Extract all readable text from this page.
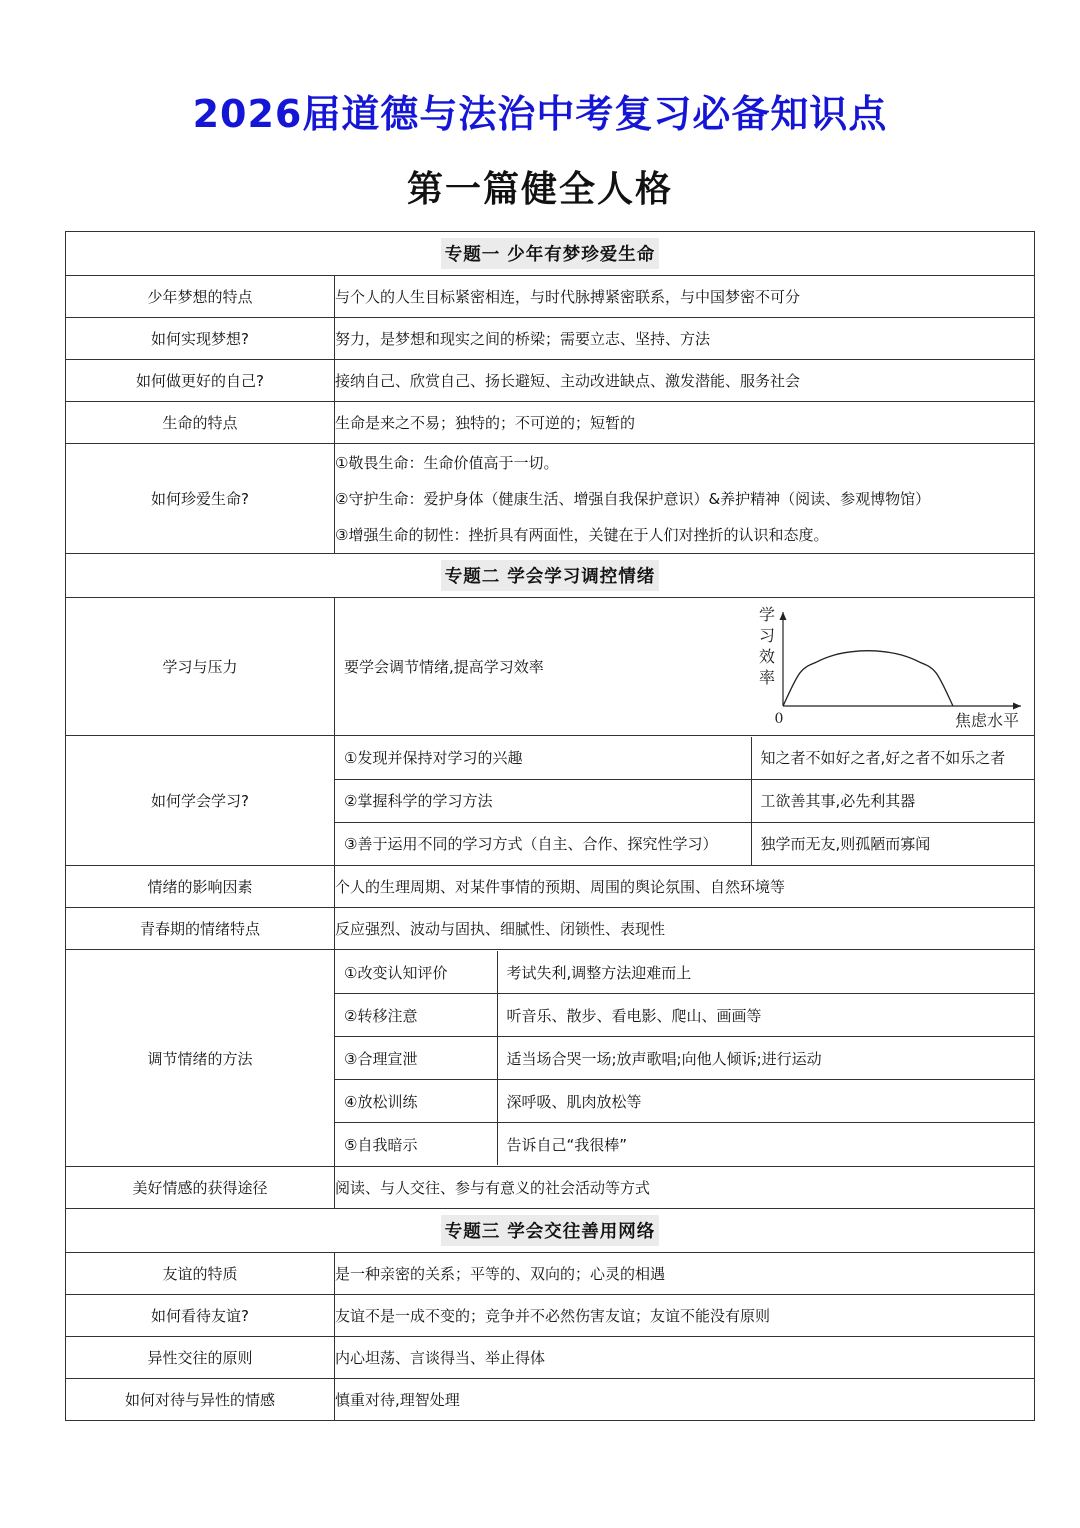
2026届道德与法治中考复习必备知识点
第一篇健全人格
专题一 少年有梦珍爱生命
少年梦想的特点	与个人的人生目标紧密相连，与时代脉搏紧密联系，与中国梦密不可分
如何实现梦想?	努力，是梦想和现实之间的桥梁；需要立志、坚持、方法
如何做更好的自己?	接纳自己、欣赏自己、扬长避短、主动改进缺点、激发潜能、服务社会
生命的特点	生命是来之不易；独特的；不可逆的；短暂的
如何珍爱生命?	
①敬畏生命：生命价值高于一切。
②守护生命：爱护身体（健康生活、增强自我保护意识）&养护精神（阅读、参观博物馆）
③增强生命的韧性：挫折具有两面性，关键在于人们对挫折的认识和态度。

专题二 学会学习调控情绪
学习与压力		要学会调节情绪,提高学习效率	
学
习
效
率
0	焦虑水平

如何学会学习?	
①发现并保持对学习的兴趣	知之者不如好之者,好之者不如乐之者
②掌握科学的学习方法	工欲善其事,必先利其器
③善于运用不同的学习方式（自主、合作、探究性学习）	独学而无友,则孤陋而寡闻

情绪的影响因素	个人的生理周期、对某件事情的预期、周围的舆论氛围、自然环境等
青春期的情绪特点	反应强烈、波动与固执、细腻性、闭锁性、表现性
调节情绪的方法	
①改变认知评价	考试失利,调整方法迎难而上
②转移注意	听音乐、散步、看电影、爬山、画画等
③合理宣泄	适当场合哭一场;放声歌唱;向他人倾诉;进行运动
④放松训练	深呼吸、肌肉放松等
⑤自我暗示	告诉自己“我很棒”

美好情感的获得途径	阅读、与人交往、参与有意义的社会活动等方式
专题三 学会交往善用网络
友谊的特质	是一种亲密的关系；平等的、双向的；心灵的相遇
如何看待友谊?	友谊不是一成不变的；竞争并不必然伤害友谊；友谊不能没有原则
异性交往的原则	内心坦荡、言谈得当、举止得体
如何对待与异性的情感	慎重对待,理智处理
